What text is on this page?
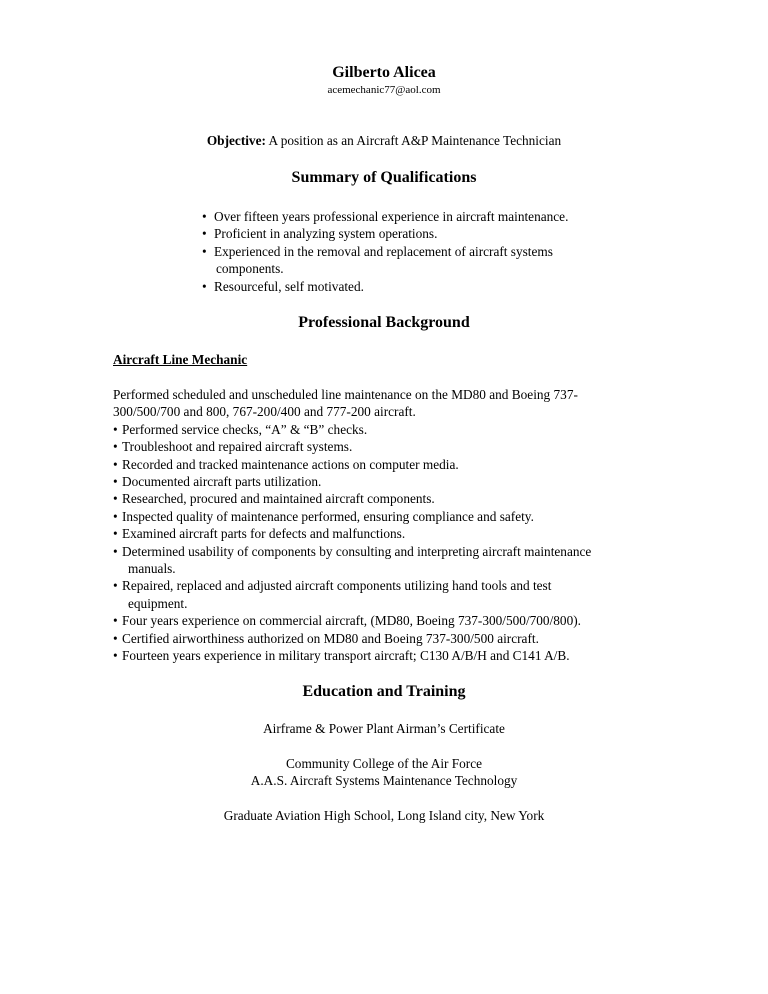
Gilberto Alicea
acemechanic77@aol.com
Objective: A position as an Aircraft A&P Maintenance Technician
Summary of Qualifications
• Over fifteen years professional experience in aircraft maintenance.
• Proficient in analyzing system operations.
• Experienced in the removal and replacement of aircraft systems
components.
• Resourceful, self motivated.
Professional Background
Aircraft Line Mechanic
Performed scheduled and unscheduled line maintenance on the MD80 and Boeing 737-
300/500/700 and 800, 767-200/400 and 777-200 aircraft.
• Performed service checks, “A” & “B” checks.
• Troubleshoot and repaired aircraft systems.
• Recorded and tracked maintenance actions on computer media.
• Documented aircraft parts utilization.
• Researched, procured and maintained aircraft components.
• Inspected quality of maintenance performed, ensuring compliance and safety.
• Examined aircraft parts for defects and malfunctions.
• Determined usability of components by consulting and interpreting aircraft maintenance
manuals.
• Repaired, replaced and adjusted aircraft components utilizing hand tools and test
equipment.
• Four years experience on commercial aircraft, (MD80, Boeing 737-300/500/700/800).
• Certified airworthiness authorized on MD80 and Boeing 737-300/500 aircraft.
• Fourteen years experience in military transport aircraft; C130 A/B/H and C141 A/B.
Education and Training
Airframe & Power Plant Airman’s Certificate
Community College of the Air Force
A.A.S. Aircraft Systems Maintenance Technology
Graduate Aviation High School, Long Island city, New York
